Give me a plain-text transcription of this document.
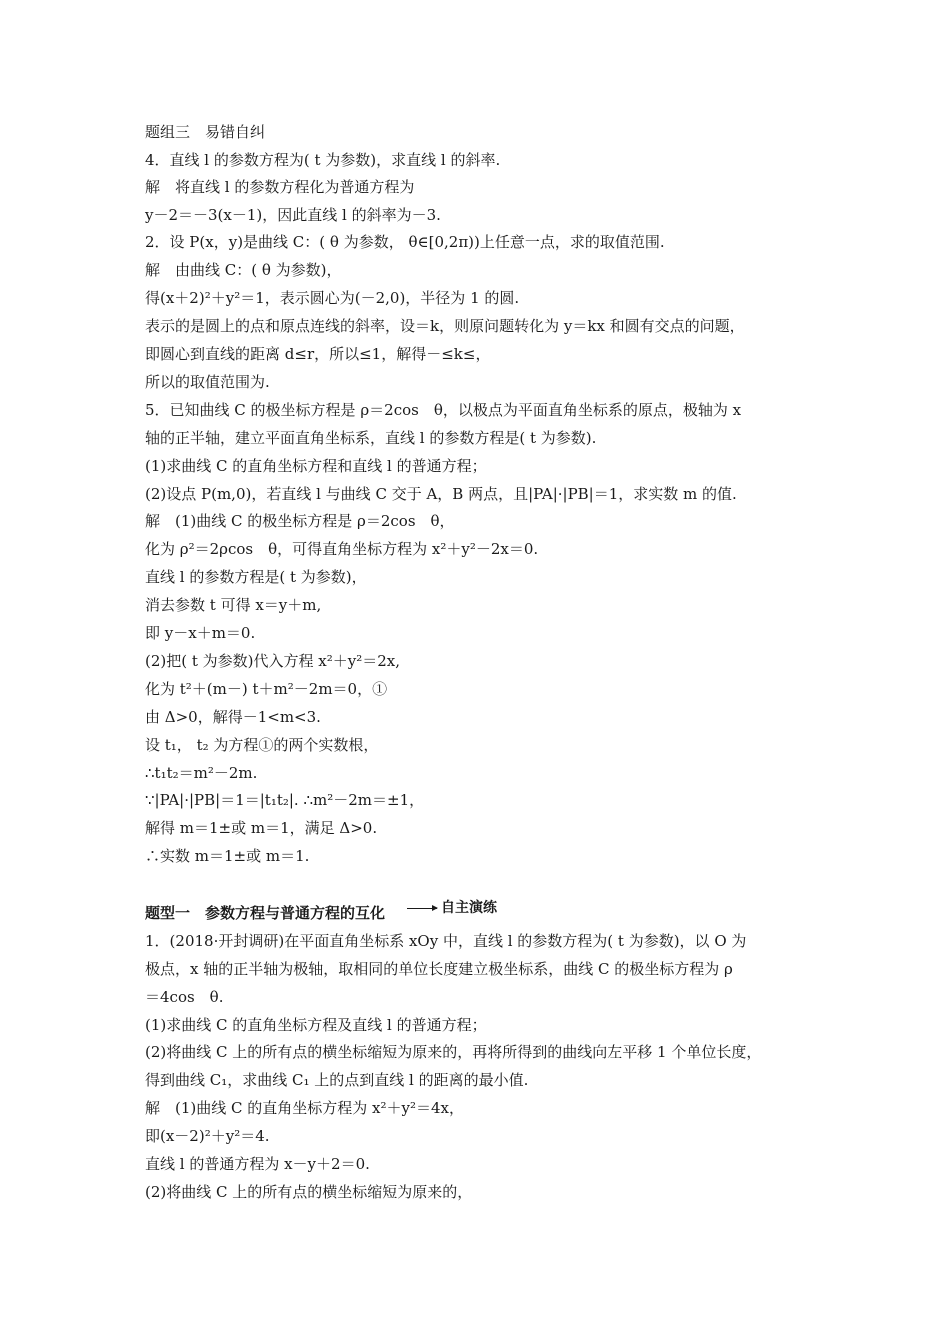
题组三　易错自纠
4．直线 l 的参数方程为( t 为参数)，求直线 l 的斜率.
解　将直线 l 的参数方程化为普通方程为
y－2＝－3(x－1)，因此直线 l 的斜率为－3.
2．设 P(x，y)是曲线 C：( θ 为参数， θ∈[0,2π))上任意一点，求的取值范围.
解　由曲线 C：( θ 为参数)，
得(x＋2)²＋y²＝1，表示圆心为(－2,0)，半径为 1 的圆.
表示的是圆上的点和原点连线的斜率，设＝k，则原问题转化为 y＝kx 和圆有交点的问题，
即圆心到直线的距离 d≤r，所以≤1，解得－≤k≤，
所以的取值范围为.
5．已知曲线 C 的极坐标方程是 ρ＝2cos　θ，以极点为平面直角坐标系的原点，极轴为 x
轴的正半轴，建立平面直角坐标系，直线 l 的参数方程是( t 为参数).
(1)求曲线 C 的直角坐标方程和直线 l 的普通方程；
(2)设点 P(m,0)，若直线 l 与曲线 C 交于 A，B 两点，且|PA|·|PB|＝1，求实数 m 的值.
解　(1)曲线 C 的极坐标方程是 ρ＝2cos　θ，
化为 ρ²＝2ρcos　θ，可得直角坐标方程为 x²＋y²－2x＝0.
直线 l 的参数方程是( t 为参数)，
消去参数 t 可得 x＝y＋m,
即 y－x＋m＝0.
(2)把( t 为参数)代入方程 x²＋y²＝2x,
化为 t²＋(m－) t＋m²－2m＝0，①
由 Δ>0，解得－1<m<3.
设 t₁， t₂ 为方程①的两个实数根，
∴t₁t₂＝m²－2m.
∵|PA|·|PB|＝1＝|t₁t₂|. ∴m²－2m＝±1，
解得 m＝1±或 m＝1，满足 Δ>0.
∴实数 m＝1±或 m＝1.
题型一　参数方程与普通方程的互化	自主演练
1．(2018·开封调研)在平面直角坐标系 xOy 中，直线 l 的参数方程为( t 为参数)，以 O 为
极点，x 轴的正半轴为极轴，取相同的单位长度建立极坐标系，曲线 C 的极坐标方程为 ρ
＝4cos　θ.
(1)求曲线 C 的直角坐标方程及直线 l 的普通方程；
(2)将曲线 C 上的所有点的横坐标缩短为原来的，再将所得到的曲线向左平移 1 个单位长度，
得到曲线 C₁，求曲线 C₁ 上的点到直线 l 的距离的最小值.
解　(1)曲线 C 的直角坐标方程为 x²＋y²＝4x，
即(x－2)²＋y²＝4.
直线 l 的普通方程为 x－y＋2＝0.
(2)将曲线 C 上的所有点的横坐标缩短为原来的，
